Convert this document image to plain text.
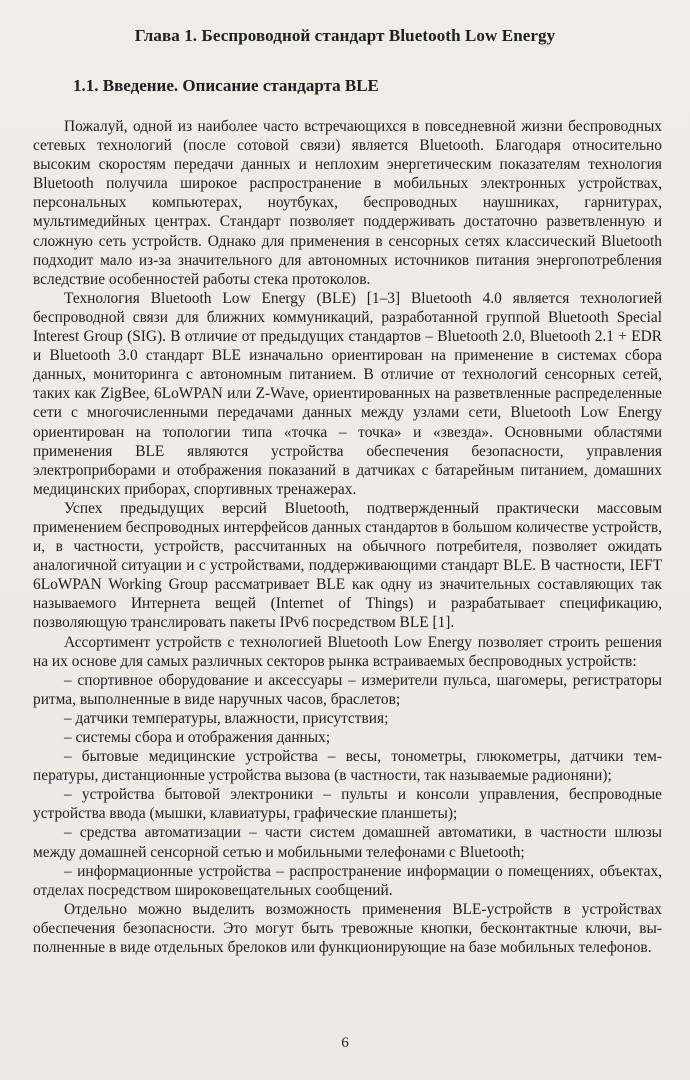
Глава 1. Беспроводной стандарт Bluetooth Low Energy
1.1. Введение. Описание стандарта BLE

Пожалуй, одной из наиболее часто встречающихся в повседневной жизни беспроводных сетевых технологий (после сотовой связи) является Bluetooth. Благодаря относительно высоким скоростям передачи данных и неплохим энергетическим показателям технология Bluetooth получила широкое распространение в мобильных электронных устройствах, персональных компьютерах, ноутбуках, беспроводных наушниках, гарнитурах, мультимедийных центрах. Стандарт позволяет поддерживать достаточно разветвленную и сложную сеть устройств. Однако для применения в сенсорных сетях классический Bluetooth подходит мало из-за значительного для автономных источников питания энергопотребления вследствие особенностей работы стека протоколов.

Технология Bluetooth Low Energy (BLE) [1–3] Bluetooth 4.0 является технологией беспроводной связи для ближних коммуникаций, разработанной группой Bluetooth Special Interest Group (SIG). В отличие от предыдущих стандартов – Bluetooth 2.0, Bluetooth 2.1 + EDR и Bluetooth 3.0 стандарт BLE изначально ориентирован на применение в системах сбора данных, мониторинга с автономным питанием. В отличие от технологий сенсорных сетей, таких как ZigBee, 6LoWPAN или Z-Wave, ориентированных на разветвленные распределенные сети с многочисленными передачами данных между узлами сети, Bluetooth Low Energy ориентирован на топологии типа «точка – точка» и «звезда». Основными областями применения BLE являются устройства обеспечения безопасности, управления электроприборами и отображения показаний в датчиках с батарейным питанием, домашних медицинских приборах, спортивных тренажерах.

Успех предыдущих версий Bluetooth, подтвержденный практически массовым применением беспроводных интерфейсов данных стандартов в большом количестве устройств, и, в частности, устройств, рассчитанных на обычного потребителя, позволяет ожидать аналогичной ситуации и с устройствами, поддерживающими стандарт BLE. В частности, IEFT 6LoWPAN Working Group рассматривает BLE как одну из значительных составляющих так называемого Интернета вещей (Internet of Things) и разрабатывает спецификацию, позволяющую транслировать пакеты IPv6 посредством BLE [1].

Ассортимент устройств с технологией Bluetooth Low Energy позволяет строить решения на их основе для самых различных секторов рынка встраиваемых беспроводных устройств:

– спортивное оборудование и аксессуары – измерители пульса, шагомеры, регистраторы ритма, выполненные в виде наручных часов, браслетов;

– датчики температуры, влажности, присутствия;

– системы сбора и отображения данных;

– бытовые медицинские устройства – весы, тонометры, глюкометры, датчики температуры, дистанционные устройства вызова (в частности, так называемые радионяни);

– устройства бытовой электроники – пульты и консоли управления, беспроводные устройства ввода (мышки, клавиатуры, графические планшеты);

– средства автоматизации – части систем домашней автоматики, в частности шлюзы между домашней сенсорной сетью и мобильными телефонами с Bluetooth;

– информационные устройства – распространение информации о помещениях, объектах, отделах посредством широковещательных сообщений.

Отдельно можно выделить возможность применения BLE-устройств в устройствах обеспечения безопасности. Это могут быть тревожные кнопки, бесконтактные ключи, выполненные в виде отдельных брелоков или функционирующие на базе мобильных телефонов.

6
